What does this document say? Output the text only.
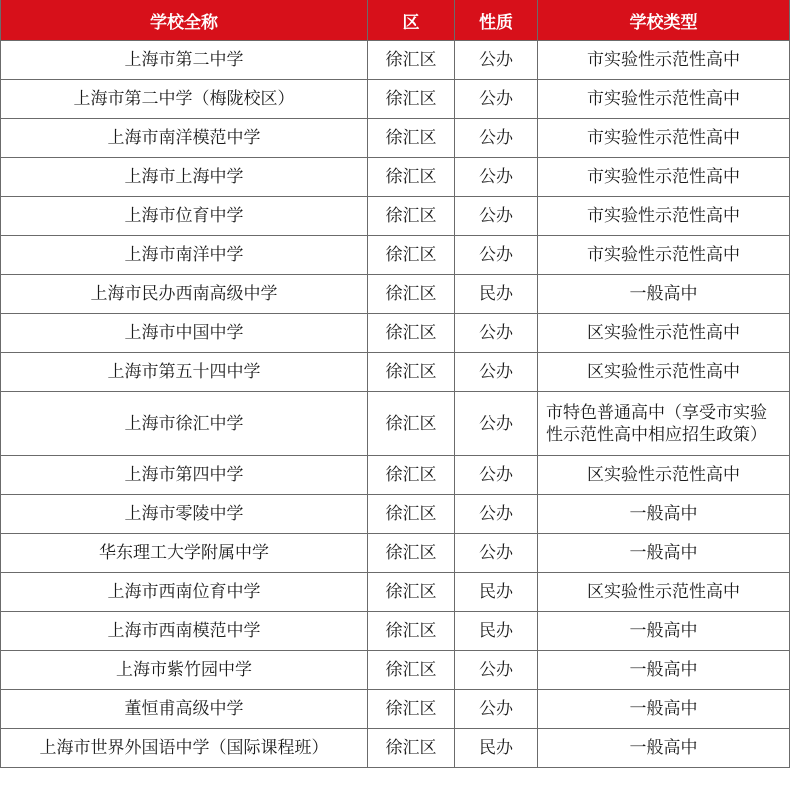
学校全称	区	性质	学校类型
上海市第二中学	徐汇区	公办	市实验性示范性高中
上海市第二中学（梅陇校区）	徐汇区	公办	市实验性示范性高中
上海市南洋模范中学	徐汇区	公办	市实验性示范性高中
上海市上海中学	徐汇区	公办	市实验性示范性高中
上海市位育中学	徐汇区	公办	市实验性示范性高中
上海市南洋中学	徐汇区	公办	市实验性示范性高中
上海市民办西南高级中学	徐汇区	民办	一般高中
上海市中国中学	徐汇区	公办	区实验性示范性高中
上海市第五十四中学	徐汇区	公办	区实验性示范性高中
上海市徐汇中学	徐汇区	公办	市特色普通高中（享受市实验性示范性高中相应招生政策）
上海市第四中学	徐汇区	公办	区实验性示范性高中
上海市零陵中学	徐汇区	公办	一般高中
华东理工大学附属中学	徐汇区	公办	一般高中
上海市西南位育中学	徐汇区	民办	区实验性示范性高中
上海市西南模范中学	徐汇区	民办	一般高中
上海市紫竹园中学	徐汇区	公办	一般高中
董恒甫高级中学	徐汇区	公办	一般高中
上海市世界外国语中学（国际课程班）	徐汇区	民办	一般高中
